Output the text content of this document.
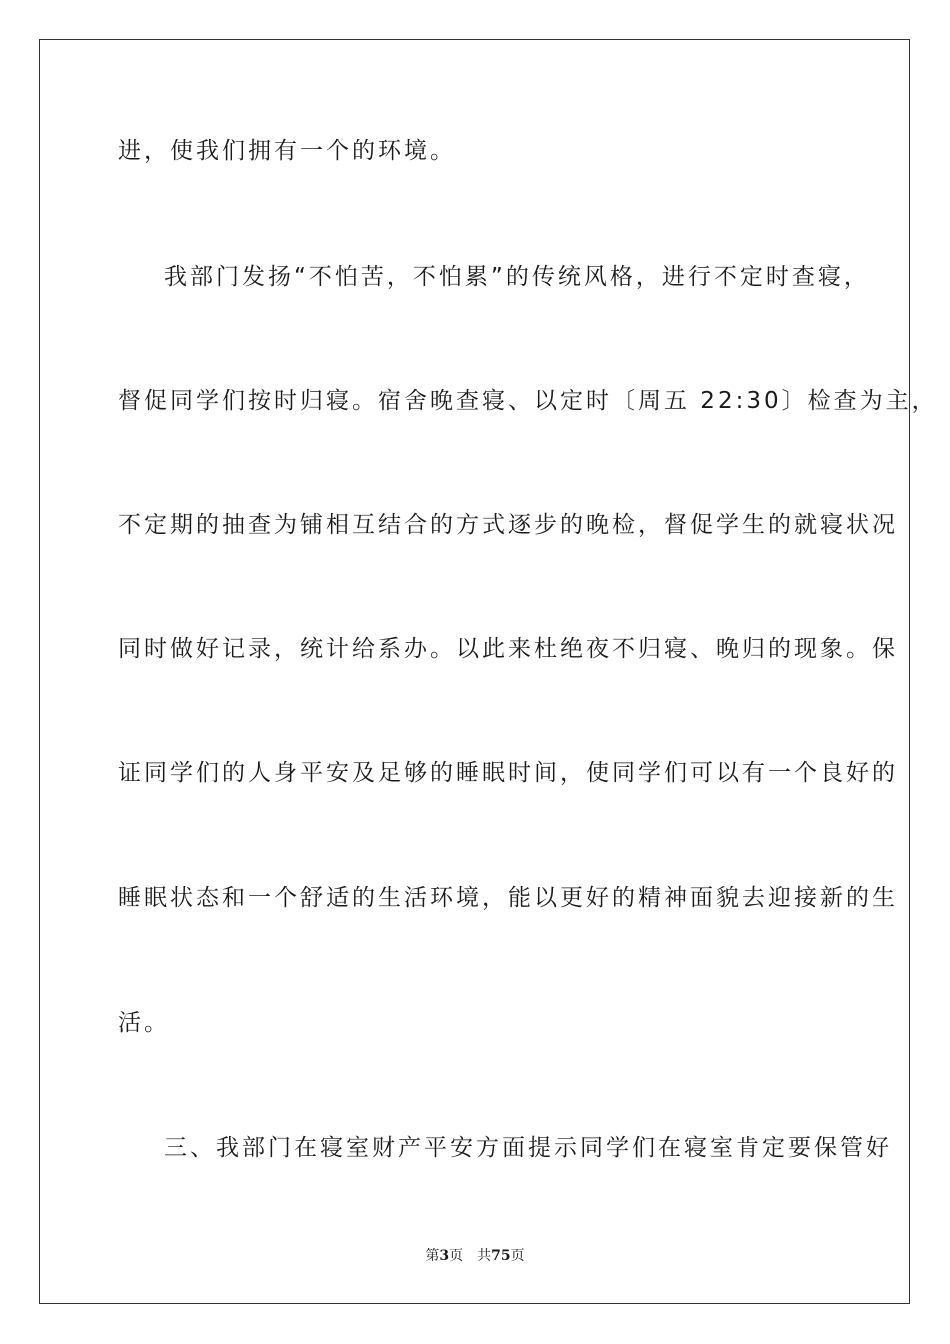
进，使我们拥有一个的环境。
我部门发扬“不怕苦，不怕累”的传统风格，进行不定时查寝，
督促同学们按时归寝。宿舍晚查寝、以定时〔周五 22:30〕检查为主，
不定期的抽查为铺相互结合的方式逐步的晚检，督促学生的就寝状况
同时做好记录，统计给系办。以此来杜绝夜不归寝、晚归的现象。保
证同学们的人身平安及足够的睡眠时间，使同学们可以有一个良好的
睡眠状态和一个舒适的生活环境，能以更好的精神面貌去迎接新的生
活。
三、我部门在寝室财产平安方面提示同学们在寝室肯定要保管好
第3页 共75页
